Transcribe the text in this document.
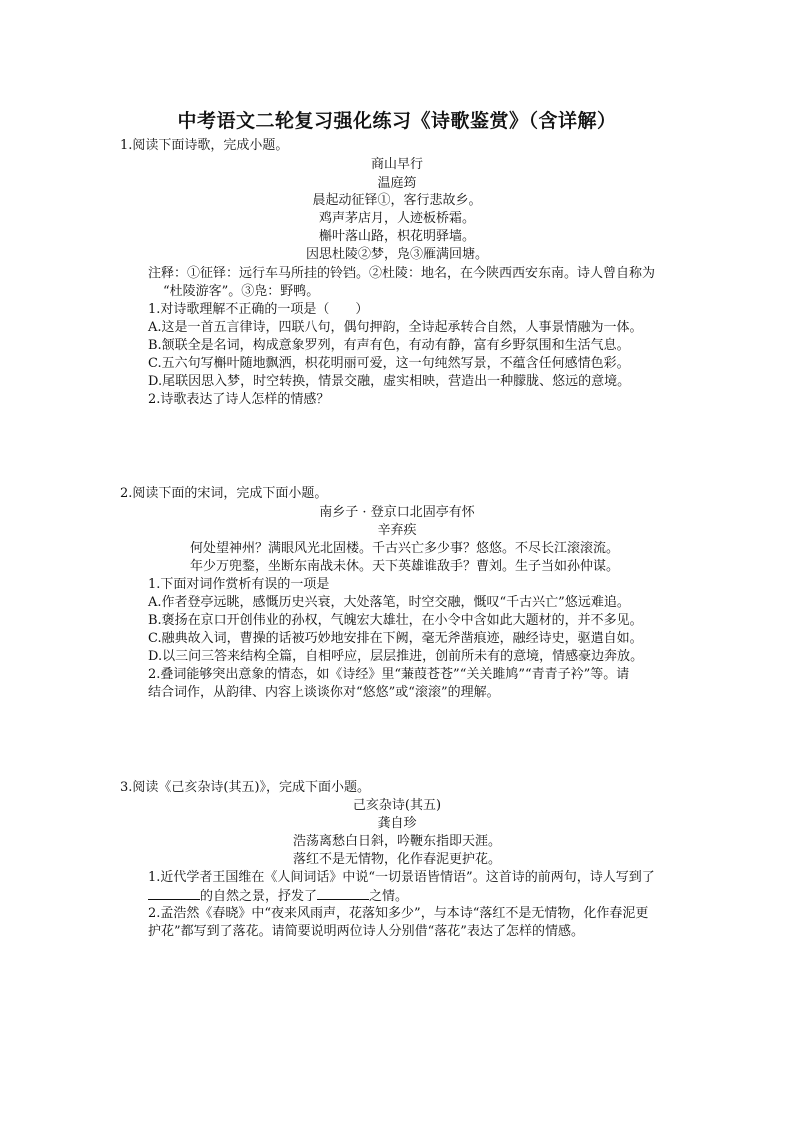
中考语文二轮复习强化练习《诗歌鉴赏》（含详解）
1.阅读下面诗歌，完成小题。
商山早行
温庭筠
晨起动征铎①，客行悲故乡。
鸡声茅店月，人迹板桥霜。
槲叶落山路，枳花明驿墙。
因思杜陵②梦，凫③雁满回塘。
注释：①征铎：远行车马所挂的铃铛。②杜陵：地名，在今陕西西安东南。诗人曾自称为
“杜陵游客”。③凫：野鸭。
1.对诗歌理解不正确的一项是（　　）
A.这是一首五言律诗，四联八句，偶句押韵，全诗起承转合自然，人事景情融为一体。
B.颔联全是名词，构成意象罗列，有声有色，有动有静，富有乡野氛围和生活气息。
C.五六句写槲叶随地飘洒，枳花明丽可爱，这一句纯然写景，不蕴含任何感情色彩。
D.尾联因思入梦，时空转换，情景交融，虚实相映，营造出一种朦胧、悠远的意境。
2.诗歌表达了诗人怎样的情感？
2.阅读下面的宋词，完成下面小题。
南乡子 · 登京口北固亭有怀
辛弃疾
何处望神州？满眼风光北固楼。千古兴亡多少事？悠悠。不尽长江滚滚流。
年少万兜鍪，坐断东南战未休。天下英雄谁敌手？曹刘。生子当如孙仲谋。
1.下面对词作赏析有误的一项是
A.作者登亭远眺，感慨历史兴衰，大处落笔，时空交融，慨叹“千古兴亡”悠远难追。
B.褒扬在京口开创伟业的孙权，气魄宏大雄壮，在小令中含如此大题材的，并不多见。
C.融典故入词，曹操的话被巧妙地安排在下阙，毫无斧凿痕迹，融经诗史，驱遣自如。
D.以三问三答来结构全篇，自相呼应，层层推进，创前所未有的意境，情感豪边奔放。
2.叠词能够突出意象的情态，如《诗经》里“蒹葭苍苍”“关关雎鸠”“青青子衿”等。请
结合词作，从韵律、内容上谈谈你对“悠悠”或“滚滚”的理解。
3.阅读《己亥杂诗(其五)》，完成下面小题。
己亥杂诗(其五)
龚自珍
浩荡离愁白日斜，吟鞭东指即天涯。
落红不是无情物，化作春泥更护花。
1.近代学者王国维在《人间词话》中说“一切景语皆情语”。这首诗的前两句，诗人写到了
的自然之景，抒发了	之情。
2.孟浩然《春晓》中“夜来风雨声，花落知多少”，与本诗“落红不是无情物，化作春泥更
护花”都写到了落花。请简要说明两位诗人分别借“落花”表达了怎样的情感。
